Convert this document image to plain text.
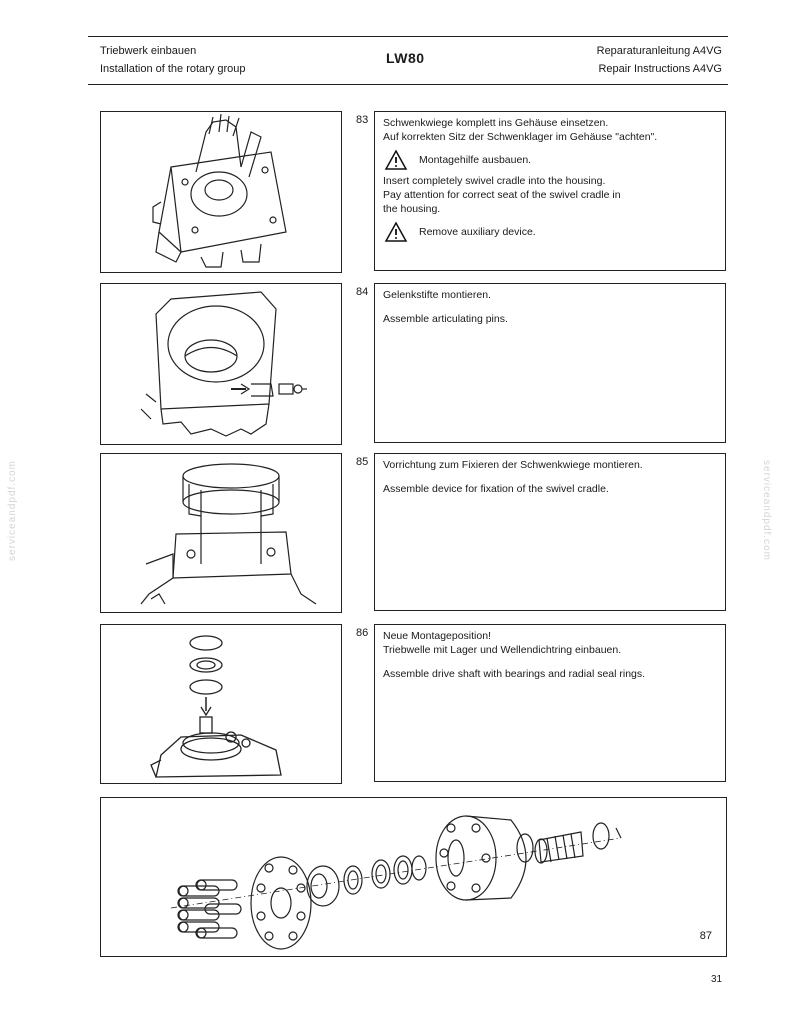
Triebwerk einbauen
Installation of the rotary group
LW80	Reparaturanleitung A4VG
Repair Instructions A4VG
83 Schwenkwiege komplett ins Gehäuse einsetzen.

Auf korrekten Sitz der Schwenklager im Gehäuse "achten".

Montagehilfe ausbauen.

Insert completely swivel cradle into the housing.

Pay attention for correct seat of the swivel cradle in

the housing.

Remove auxiliary device.
84 Gelenkstifte montieren.

Assemble articulating pins.

85 Vorrichtung zum Fixieren der Schwenkwiege montieren.

Assemble device for fixation of the swivel cradle.

86 Neue Montageposition!

Triebwelle mit Lager und Wellendichtring einbauen.

Assemble drive shaft with bearings and radial seal rings.

87
serviceandpdf.com	serviceandpdf.com
31
